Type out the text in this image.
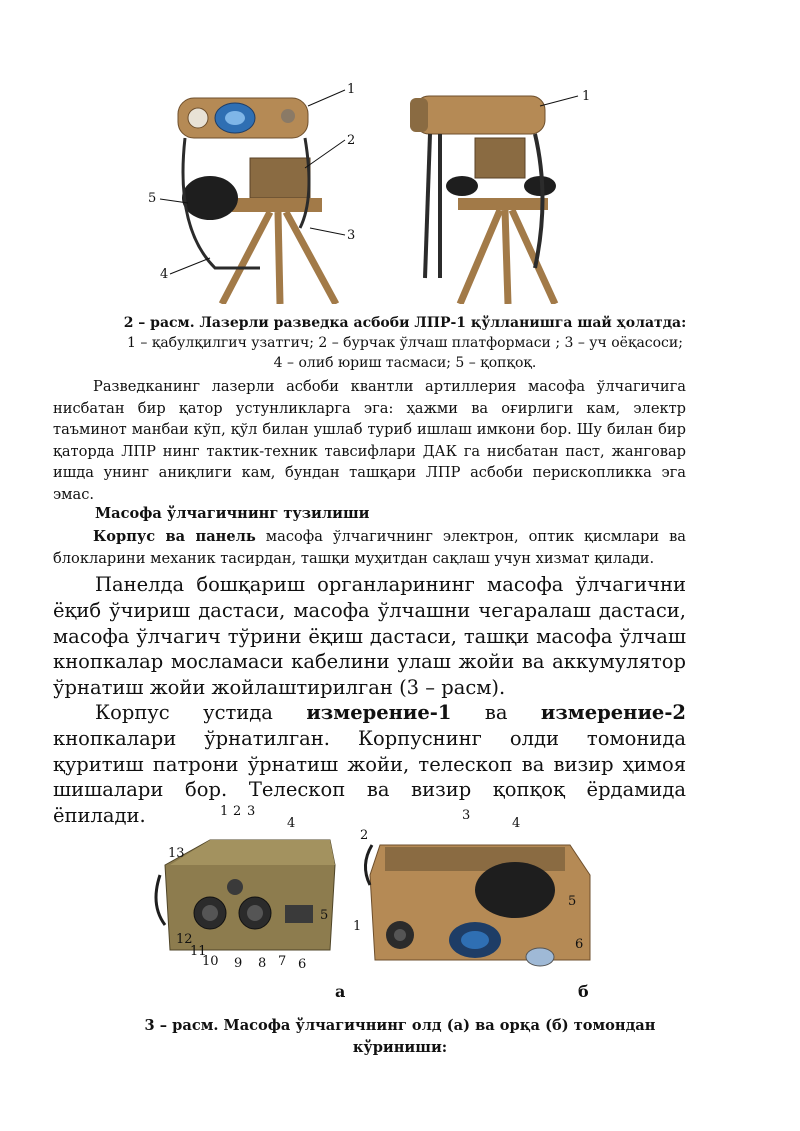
1
2
3
4
5
1
2 – расм. Лазерли разведка асбоби ЛПР-1 қўлланишга шай ҳолатда:
1 – қабулқилгич узатгич; 2 – бурчак ўлчаш платформаси ; 3 – уч оёқасоси;
4 – олиб юриш тасмаси; 5 – қопқоқ.

Разведканинг лазерли асбоби квантли артиллерия масофа ўлчагичига нисбатан бир қатор устунликларга эга: ҳажми ва оғирлиги кам, электр таъминот манбаи кўп, қўл билан ушлаб туриб ишлаш имкони бор. Шу билан бир қаторда ЛПР нинг тактик-техник тавсифлари ДАК га нисбатан паст, жанговар ишда унинг аниқлиги кам, бундан ташқари ЛПР асбоби перископликка эга эмас.

Масофа ўлчагичнинг тузилиши

Корпус ва панель масофа ўлчагичнинг электрон, оптик қисмлари ва блокларини механик тасирдан, ташқи муҳитдан сақлаш учун хизмат қилади.

Панелда бошқариш органларининг масофа ўлчагични ёқиб ўчириш дастаси, масофа ўлчашни чегаралаш дастаси, масофа ўлчагич тўрини ёқиш дастаси, ташқи масофа ўлчаш кнопкалар мосламаси кабелини улаш жойи ва аккумулятор ўрнатиш жойи жойлаштирилган (3 – расм).

Корпус устида измерение-1 ва измерение-2 кнопкалари ўрнатилган. Корпуснинг олди томонида қуритиш патрони ўрнатиш жойи, телескоп ва визир ҳимоя шишалари бор. Телескоп ва визир қопқоқ ёрдамида ёпилади.	1 2 3
4
5
6
7
8
9
10
11
12
13
2
1
3
4
5
6
а	б
3 – расм. Масофа ўлчагичнинг олд (а) ва орқа (б) томондан
кўриниши:
